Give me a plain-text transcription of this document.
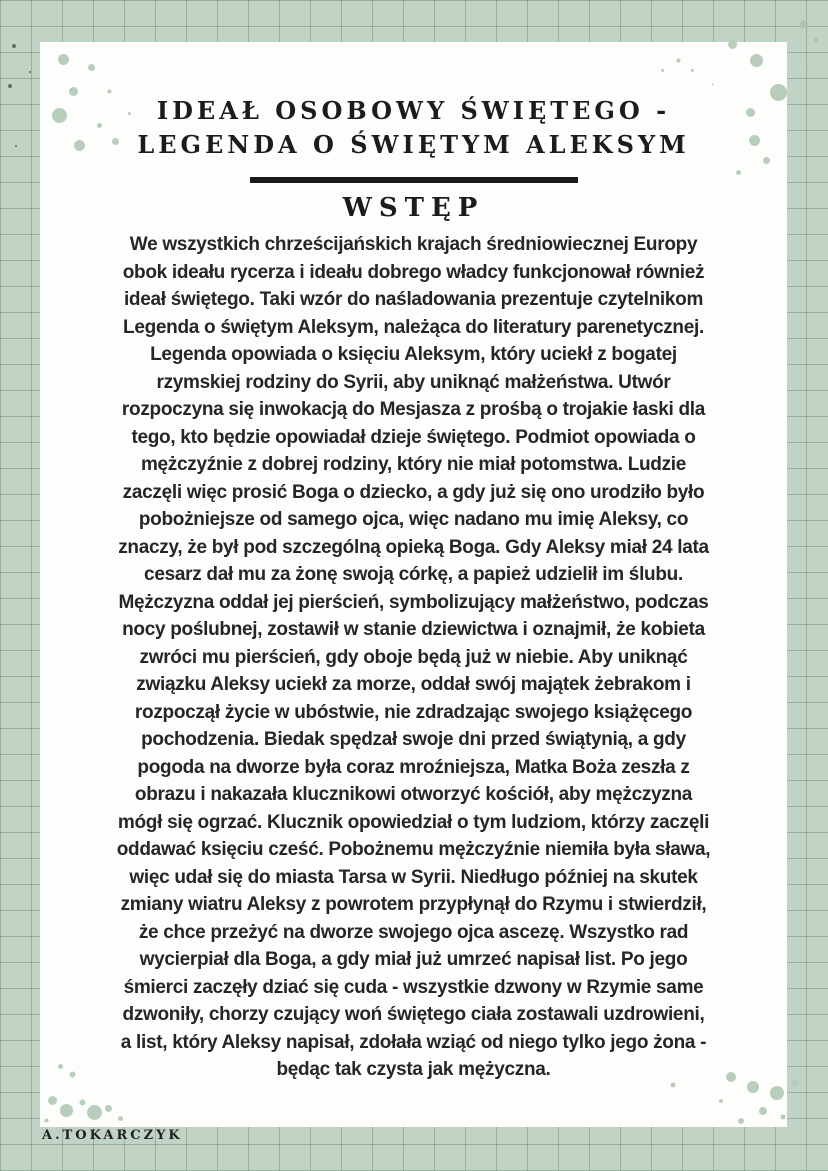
IDEAŁ OSOBOWY ŚWIĘTEGO -
LEGENDA O ŚWIĘTYM ALEKSYM
WSTĘP
We wszystkich chrześcijańskich krajach średniowiecznej Europy
obok ideału rycerza i ideału dobrego władcy funkcjonował również
ideał świętego. Taki wzór do naśladowania prezentuje czytelnikom
Legenda o świętym Aleksym, należąca do literatury parenetycznej.
Legenda opowiada o księciu Aleksym, który uciekł z bogatej
rzymskiej rodziny do Syrii, aby uniknąć małżeństwa. Utwór
rozpoczyna się inwokacją do Mesjasza z prośbą o trojakie łaski dla
tego, kto będzie opowiadał dzieje świętego. Podmiot opowiada o
mężczyźnie z dobrej rodziny, który nie miał potomstwa. Ludzie
zaczęli więc prosić Boga o dziecko, a gdy już się ono urodziło było
pobożniejsze od samego ojca, więc nadano mu imię Aleksy, co
znaczy, że był pod szczególną opieką Boga. Gdy Aleksy miał 24 lata
cesarz dał mu za żonę swoją córkę, a papież udzielił im ślubu.
Mężczyzna oddał jej pierścień, symbolizujący małżeństwo, podczas
nocy poślubnej, zostawił w stanie dziewictwa i oznajmił, że kobieta
zwróci mu pierścień, gdy oboje będą już w niebie. Aby uniknąć
związku Aleksy uciekł za morze, oddał swój majątek żebrakom i
rozpoczął życie w ubóstwie, nie zdradzając swojego książęcego
pochodzenia. Biedak spędzał swoje dni przed świątynią, a gdy
pogoda na dworze była coraz mroźniejsza, Matka Boża zeszła z
obrazu i nakazała klucznikowi otworzyć kościół, aby mężczyzna
mógł się ogrzać. Klucznik opowiedział o tym ludziom, którzy zaczęli
oddawać księciu cześć. Pobożnemu mężczyźnie niemiła była sława,
więc udał się do miasta Tarsa w Syrii. Niedługo później na skutek
zmiany wiatru Aleksy z powrotem przypłynął do Rzymu i stwierdził,
że chce przeżyć na dworze swojego ojca ascezę. Wszystko rad
wycierpiał dla Boga, a gdy miał już umrzeć napisał list. Po jego
śmierci zaczęły dziać się cuda - wszystkie dzwony w Rzymie same
dzwoniły, chorzy czujący woń świętego ciała zostawali uzdrowieni,
a list, który Aleksy napisał, zdołała wziąć od niego tylko jego żona -
będąc tak czysta jak mężyczna.
A.TOKARCZYK
